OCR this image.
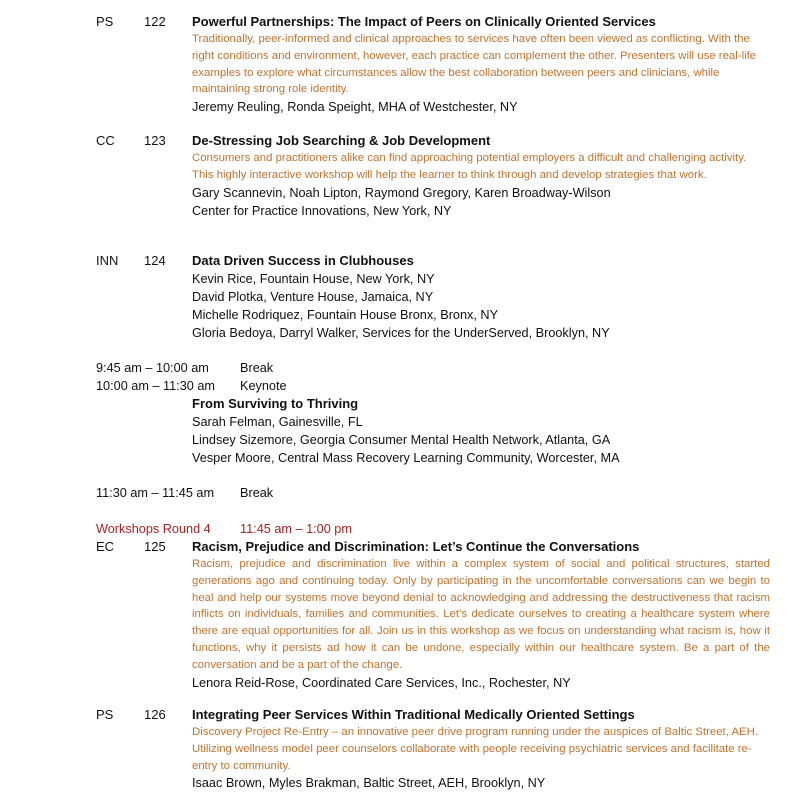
PS 122 Powerful Partnerships: The Impact of Peers on Clinically Oriented Services
Traditionally, peer-informed and clinical approaches to services have often been viewed as conflicting. With the right conditions and environment, however, each practice can complement the other. Presenters will use real-life examples to explore what circumstances allow the best collaboration between peers and clinicians, while maintaining strong role identity.
Jeremy Reuling, Ronda Speight, MHA of Westchester, NY
CC 123 De-Stressing Job Searching & Job Development
Consumers and practitioners alike can find approaching potential employers a difficult and challenging activity. This highly interactive workshop will help the learner to think through and develop strategies that work.
Gary Scannevin, Noah Lipton, Raymond Gregory, Karen Broadway-Wilson
Center for Practice Innovations, New York, NY
INN 124 Data Driven Success in Clubhouses
Kevin Rice, Fountain House, New York, NY
David Plotka, Venture House, Jamaica, NY
Michelle Rodriquez, Fountain House Bronx, Bronx, NY
Gloria Bedoya, Darryl Walker, Services for the UnderServed, Brooklyn, NY
9:45 am – 10:00 am Break
10:00 am – 11:30 am Keynote
From Surviving to Thriving
Sarah Felman, Gainesville, FL
Lindsey Sizemore, Georgia Consumer Mental Health Network, Atlanta, GA
Vesper Moore, Central Mass Recovery Learning Community, Worcester, MA
11:30 am – 11:45 am Break
Workshops Round 4 11:45 am – 1:00 pm
EC 125 Racism, Prejudice and Discrimination: Let’s Continue the Conversations
Racism, prejudice and discrimination live within a complex system of social and political structures, started generations ago and continuing today. Only by participating in the uncomfortable conversations can we begin to heal and help our systems move beyond denial to acknowledging and addressing the destructiveness that racism inflicts on individuals, families and communities. Let’s dedicate ourselves to creating a healthcare system where there are equal opportunities for all. Join us in this workshop as we focus on understanding what racism is, how it functions, why it persists ad how it can be undone, especially within our healthcare system. Be a part of the conversation and be a part of the change.
Lenora Reid-Rose, Coordinated Care Services, Inc., Rochester, NY
PS 126 Integrating Peer Services Within Traditional Medically Oriented Settings
Discovery Project Re-Entry – an innovative peer drive program running under the auspices of Baltic Street, AEH. Utilizing wellness model peer counselors collaborate with people receiving psychiatric services and facilitate re-entry to community.
Isaac Brown, Myles Brakman, Baltic Street, AEH, Brooklyn, NY
